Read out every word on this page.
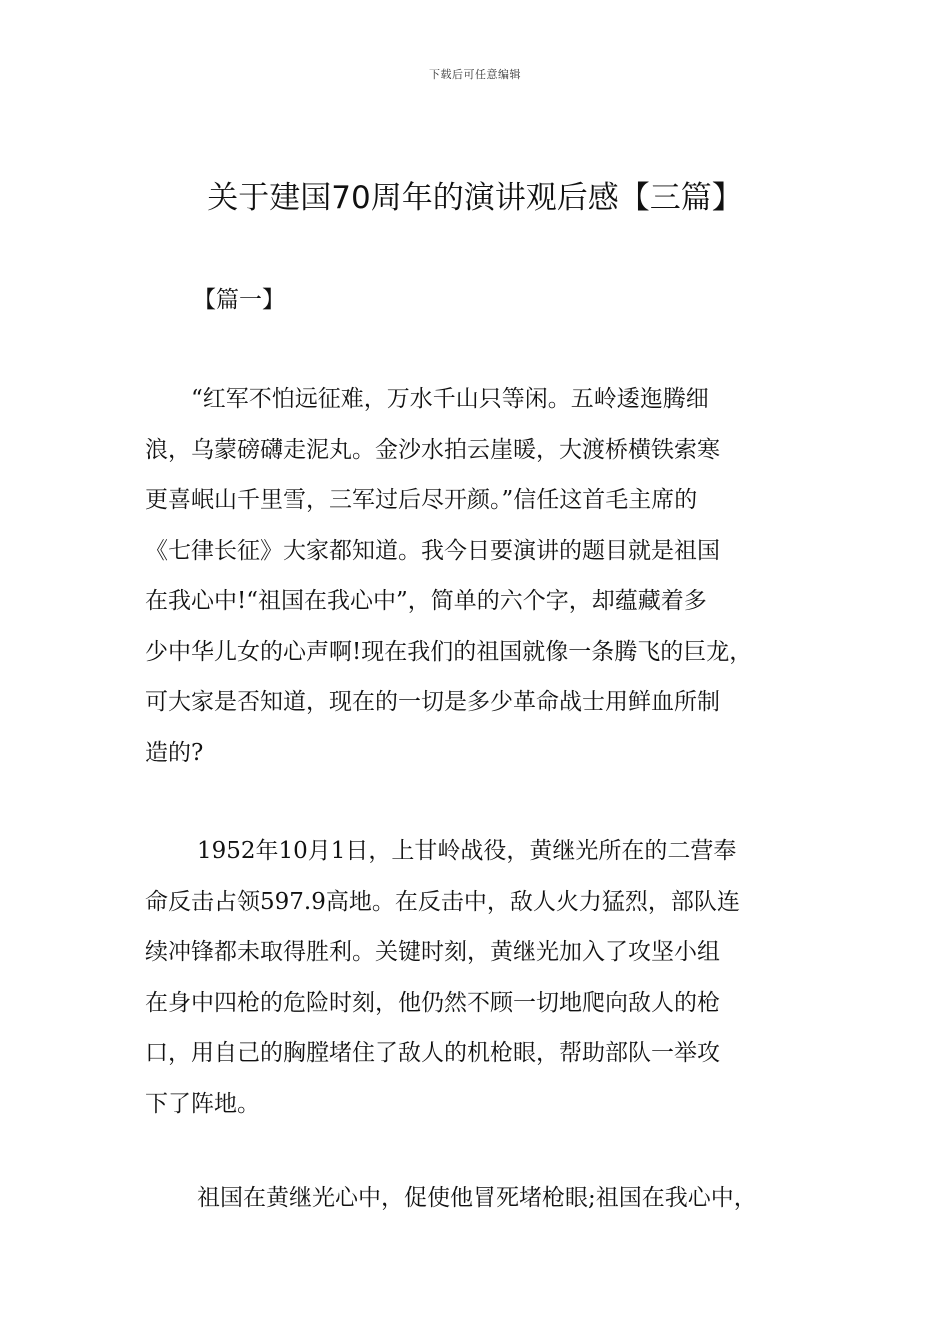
下载后可任意编辑
关于建国70周年的演讲观后感【三篇】
【篇一】

“红军不怕远征难，万水千山只等闲。五岭逶迤腾细
浪，乌蒙磅礴走泥丸。金沙水拍云崖暖，大渡桥横铁索寒
更喜岷山千里雪，三军过后尽开颜。”信任这首毛主席的
《七律长征》大家都知道。我今日要演讲的题目就是祖国
在我心中!“祖国在我心中”，简单的六个字，却蕴藏着多
少中华儿女的心声啊!现在我们的祖国就像一条腾飞的巨龙，
可大家是否知道，现在的一切是多少革命战士用鲜血所制
造的?

1952年10月1日，上甘岭战役，黄继光所在的二营奉
命反击占领597.9高地。在反击中，敌人火力猛烈，部队连
续冲锋都未取得胜利。关键时刻，黄继光加入了攻坚小组
在身中四枪的危险时刻，他仍然不顾一切地爬向敌人的枪
口，用自己的胸膛堵住了敌人的机枪眼，帮助部队一举攻
下了阵地。

祖国在黄继光心中，促使他冒死堵枪眼;祖国在我心中，
